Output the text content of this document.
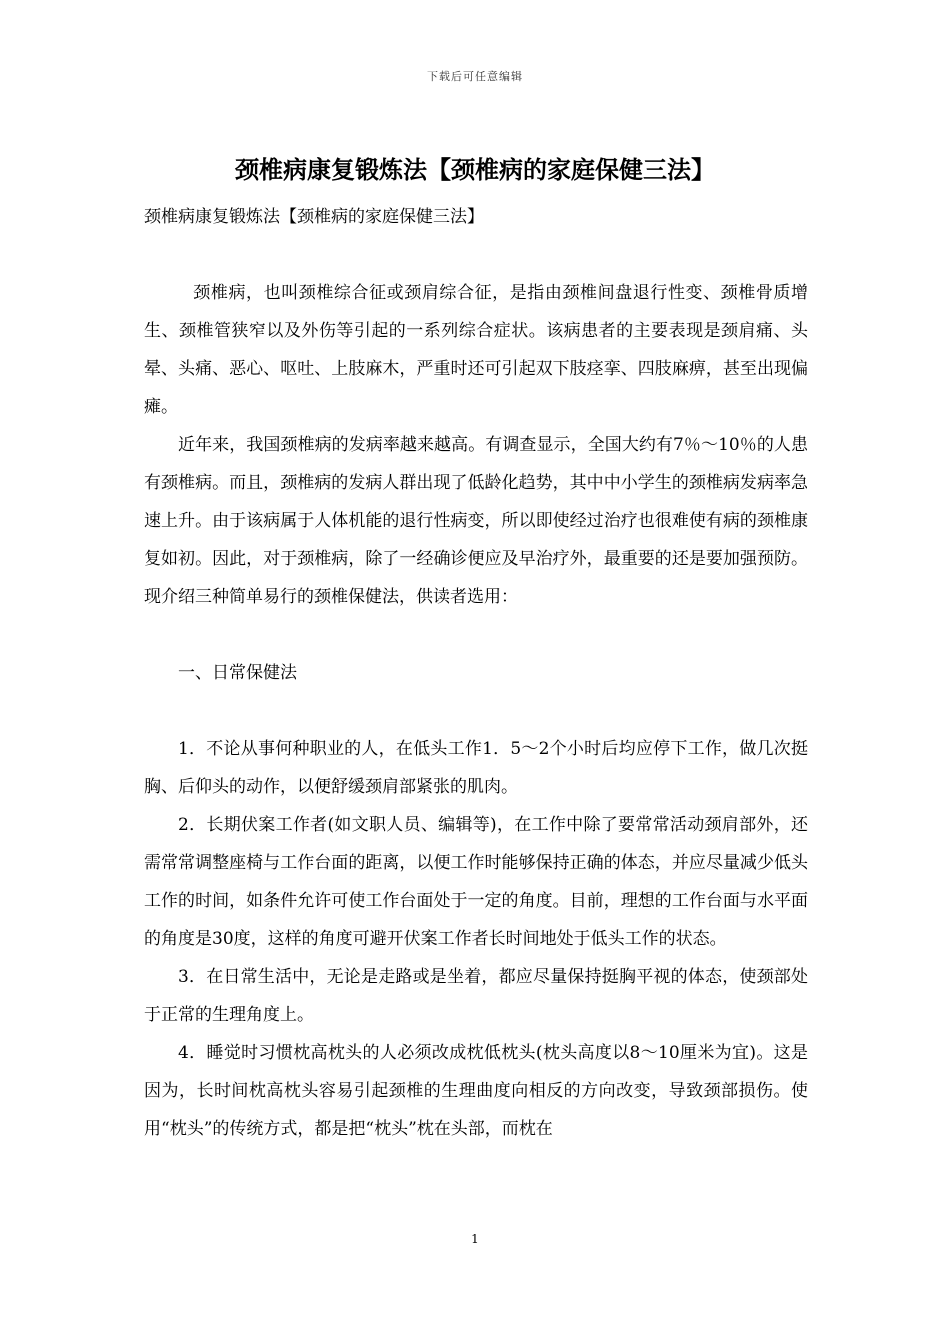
下载后可任意编辑
颈椎病康复锻炼法【颈椎病的家庭保健三法】

颈椎病康复锻炼法【颈椎病的家庭保健三法】

颈椎病，也叫颈椎综合征或颈肩综合征，是指由颈椎间盘退行性变、颈椎骨质增生、颈椎管狭窄以及外伤等引起的一系列综合症状。该病患者的主要表现是颈肩痛、头晕、头痛、恶心、呕吐、上肢麻木，严重时还可引起双下肢痉挛、四肢麻痹，甚至出现偏瘫。

近年来，我国颈椎病的发病率越来越高。有调查显示，全国大约有7％～10％的人患有颈椎病。而且，颈椎病的发病人群出现了低龄化趋势，其中中小学生的颈椎病发病率急速上升。由于该病属于人体机能的退行性病变，所以即使经过治疗也很难使有病的颈椎康复如初。因此，对于颈椎病，除了一经确诊便应及早治疗外，最重要的还是要加强预防。现介绍三种简单易行的颈椎保健法，供读者选用：

一、日常保健法

1．不论从事何种职业的人，在低头工作1．5～2个小时后均应停下工作，做几次挺胸、后仰头的动作，以便舒缓颈肩部紧张的肌肉。

2．长期伏案工作者(如文职人员、编辑等)，在工作中除了要常常活动颈肩部外，还需常常调整座椅与工作台面的距离，以便工作时能够保持正确的体态，并应尽量减少低头工作的时间，如条件允许可使工作台面处于一定的角度。目前，理想的工作台面与水平面的角度是30度，这样的角度可避开伏案工作者长时间地处于低头工作的状态。

3．在日常生活中，无论是走路或是坐着，都应尽量保持挺胸平视的体态，使颈部处于正常的生理角度上。

4．睡觉时习惯枕高枕头的人必须改成枕低枕头(枕头高度以8～10厘米为宜)。这是因为，长时间枕高枕头容易引起颈椎的生理曲度向相反的方向改变，导致颈部损伤。使用“枕头”的传统方式，都是把“枕头”枕在头部，而枕在

1
